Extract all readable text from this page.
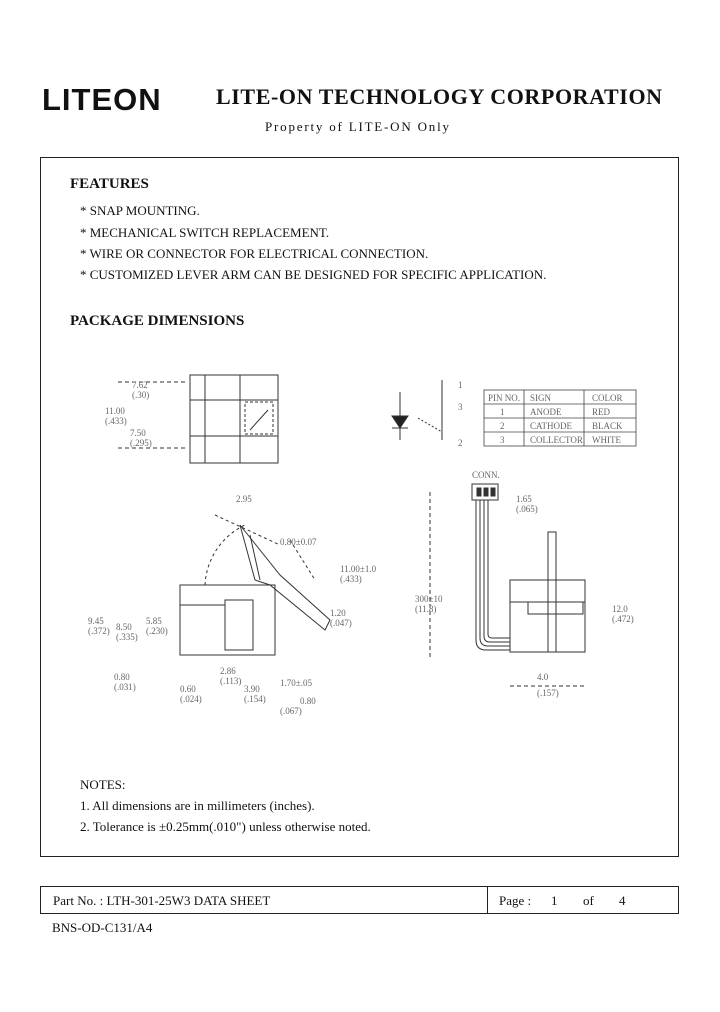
LITEON LITE-ON TECHNOLOGY CORPORATION
Property of LITE-ON Only
FEATURES
* SNAP MOUNTING.
* MECHANICAL SWITCH REPLACEMENT.
* WIRE OR CONNECTOR FOR ELECTRICAL CONNECTION.
* CUSTOMIZED LEVER ARM CAN BE DESIGNED FOR SPECIFIC APPLICATION.
PACKAGE DIMENSIONS
7.62
(.30)
11.00
(.433)
7.50
(.295)
1
3
2
PIN NO. SIGN	COLOR
1	ANODE	RED
2	CATHODE BLACK
3	COLLECTOR WHITE
2.95
0.80±0.07
11.00±1.0
(.433)
1.20
(.047)
9.45
(.372) 8.50
(.335)
5.85
(.230)
0.80
(.031)
2.86
(.113)
0.60
(.024)
3.90
(.154)	0.80
1.70±.05
(.067)
CONN.
1.65
(.065)
300±10
(11.8)	12.0
(.472)
4.0
(.157)
NOTES:
1. All dimensions are in millimeters (inches).
2. Tolerance is ±0.25mm(.010") unless otherwise noted.
Part No. : LTH-301-25W3 DATA SHEET	Page : 1 of 4
BNS-OD-C131/A4
